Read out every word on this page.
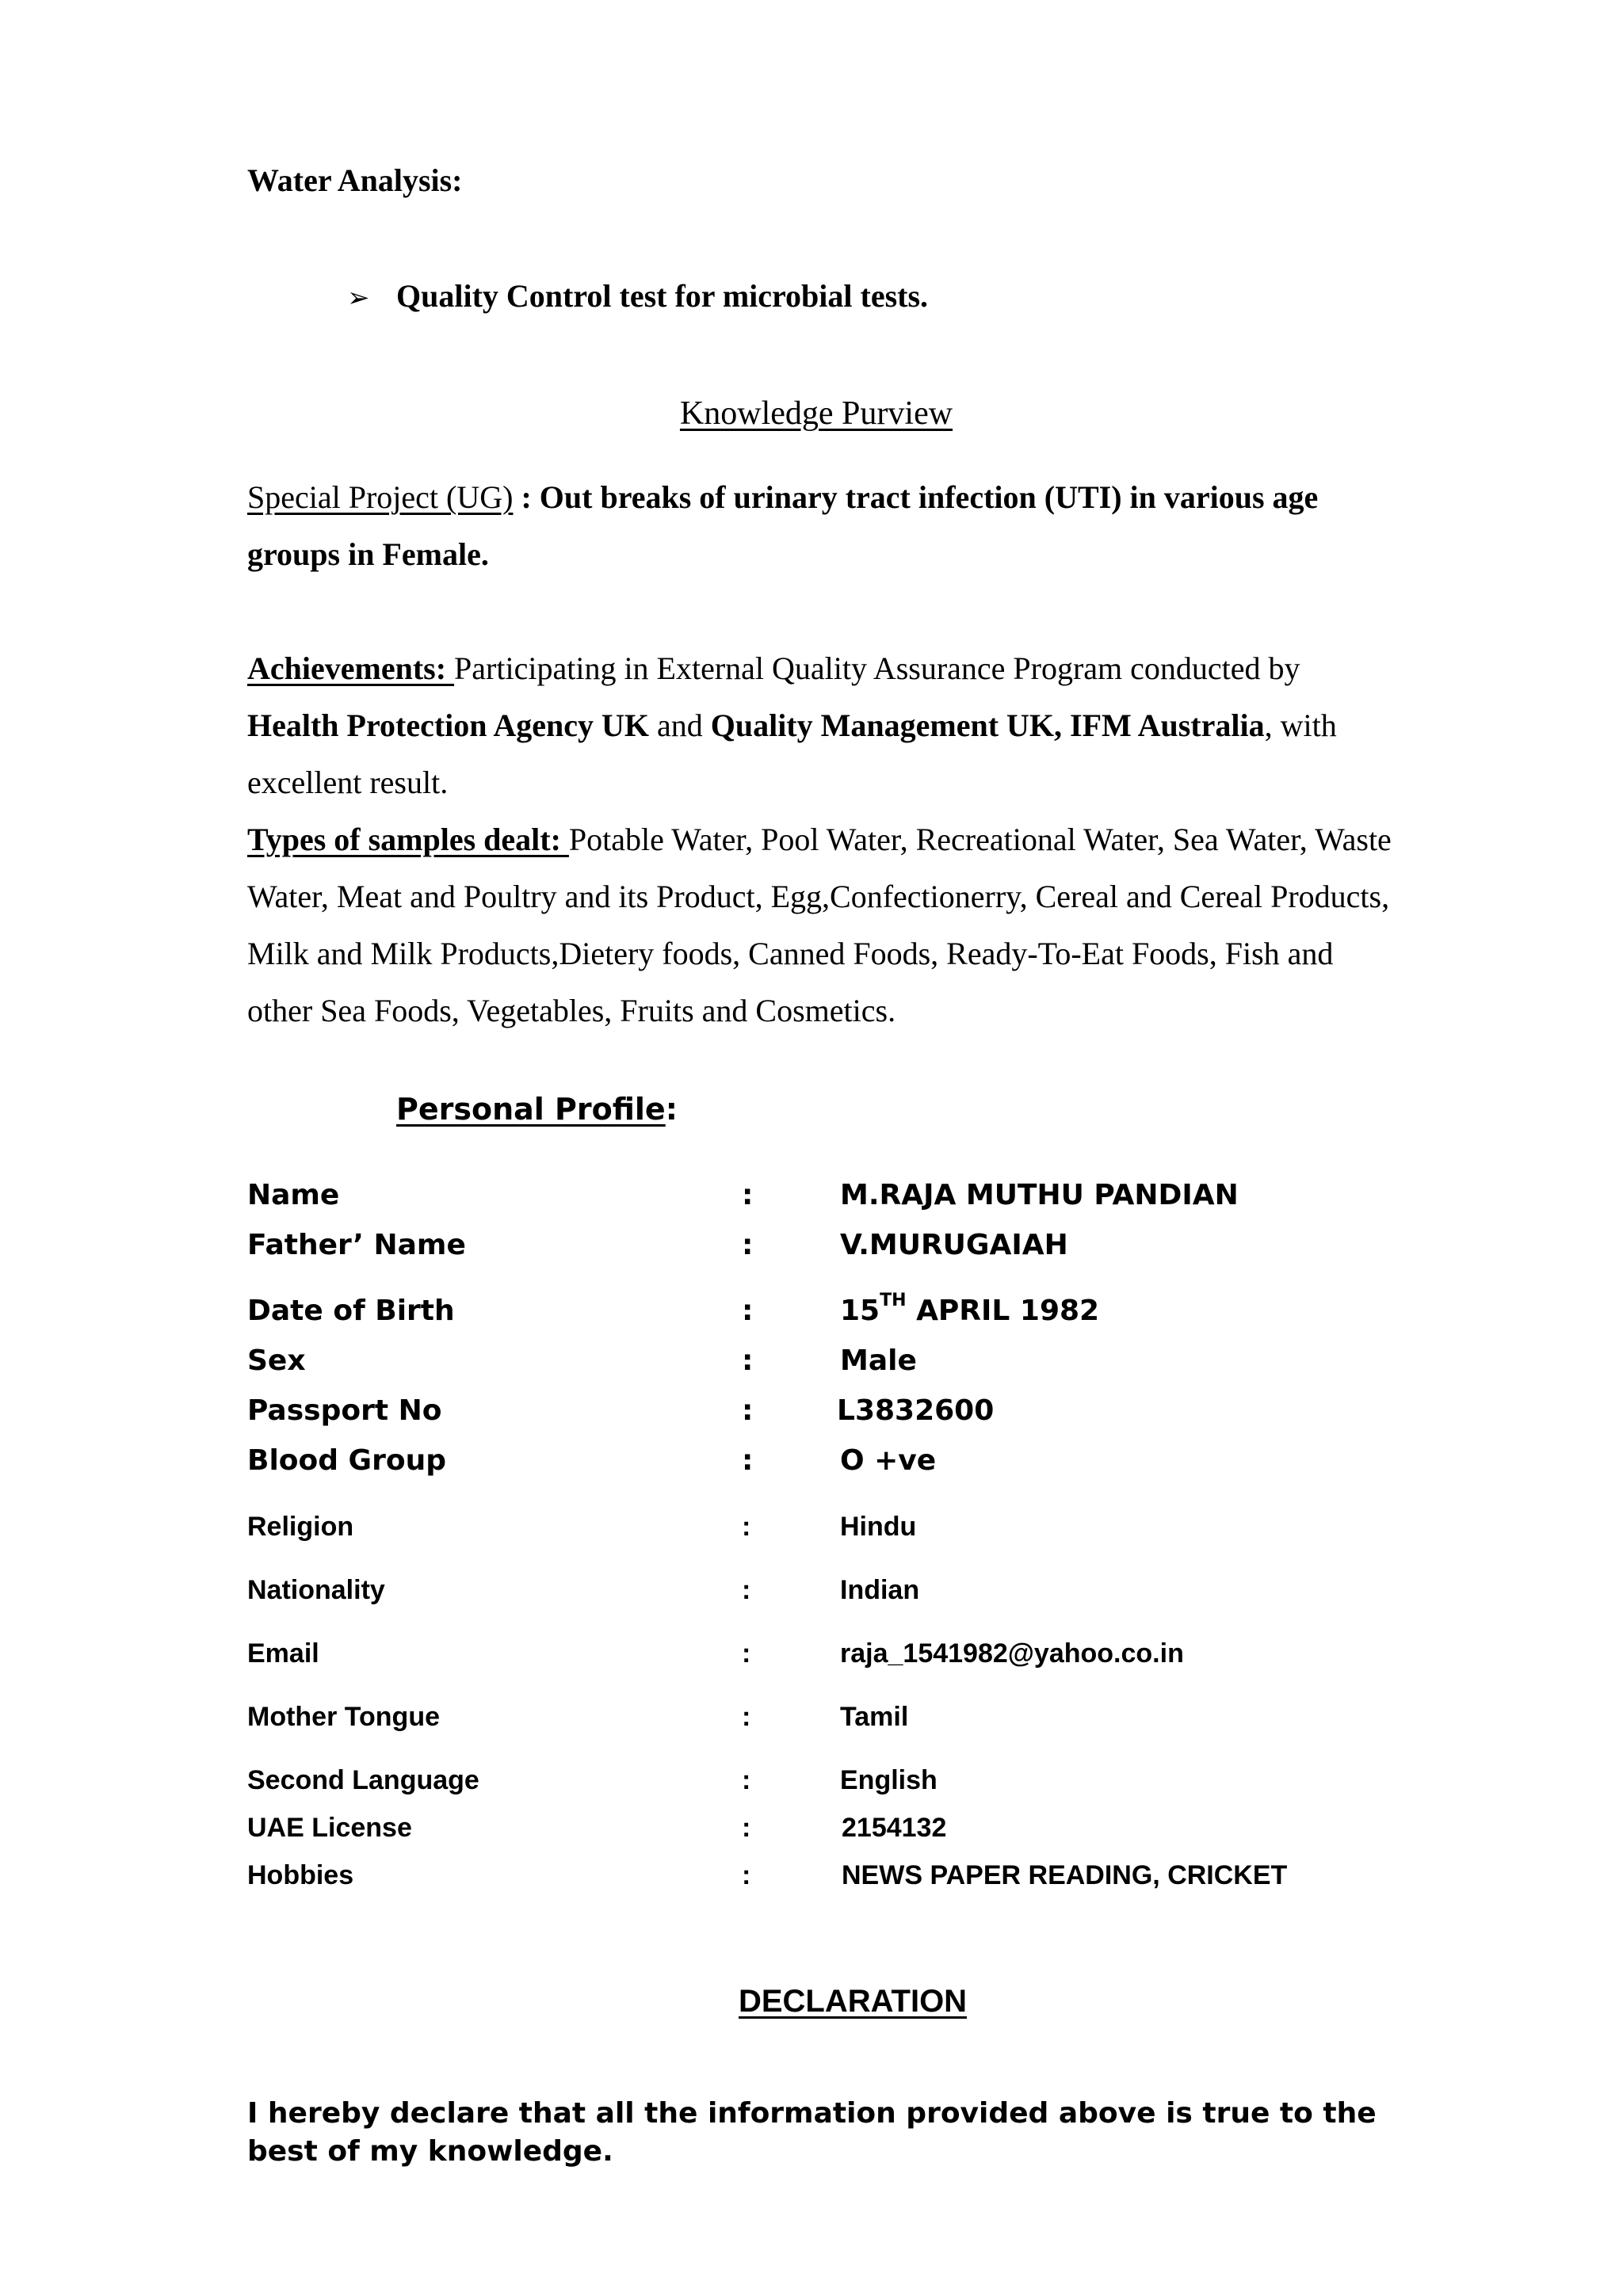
Water Analysis:
➢ Quality Control test for microbial tests.
Knowledge Purview
Special Project (UG) : Out breaks of urinary tract infection (UTI) in various age groups in Female.
Achievements: Participating in External Quality Assurance Program conducted by Health Protection Agency UK and Quality Management UK, IFM Australia, with excellent result.
Types of samples dealt: Potable Water, Pool Water, Recreational Water, Sea Water, Waste Water, Meat and Poultry and its Product, Egg,Confectionerry, Cereal and Cereal Products, Milk and Milk Products,Dietery foods, Canned Foods, Ready-To-Eat Foods, Fish and other Sea Foods, Vegetables, Fruits and Cosmetics.
Personal Profile:
Name	:	M.RAJA MUTHU PANDIAN
Father’ Name	:	V.MURUGAIAH
Date of Birth	:	15TH APRIL 1982
Sex	:	Male
Passport No	:	L3832600
Blood Group	:	O +ve
Religion	:	Hindu
Nationality	:	Indian
Email	:	raja_1541982@yahoo.co.in
Mother Tongue	:	Tamil
Second Language	:	English
UAE License	:	2154132
Hobbies	:	NEWS PAPER READING, CRICKET
DECLARATION
I hereby declare that all the information provided above is true to the best of my knowledge.
